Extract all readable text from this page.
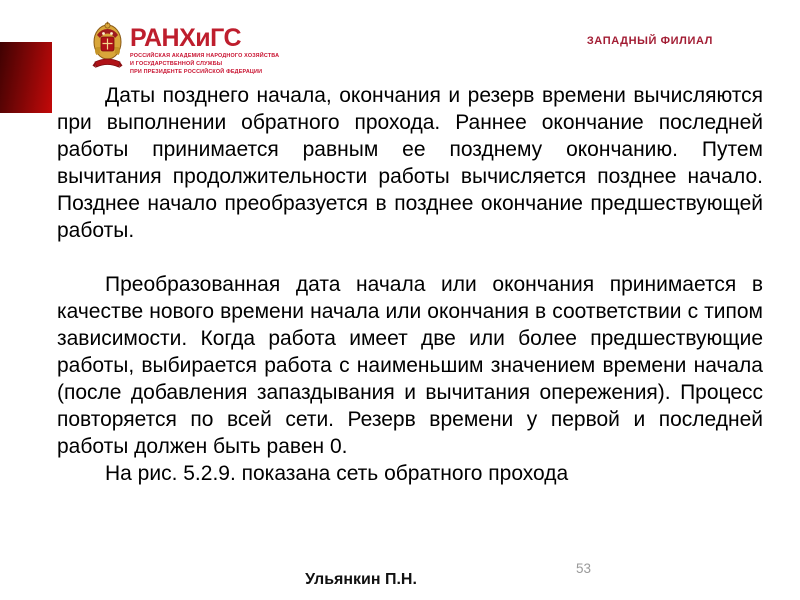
РАНХиГС
РОССИЙСКАЯ АКАДЕМИЯ НАРОДНОГО ХОЗЯЙСТВА
И ГОСУДАРСТВЕННОЙ СЛУЖБЫ
ПРИ ПРЕЗИДЕНТЕ РОССИЙСКОЙ ФЕДЕРАЦИИ
ЗАПАДНЫЙ ФИЛИАЛ

Даты позднего начала, окончания и резерв времени вычисляются при выполнении обратного прохода. Раннее окончание последней работы принимается равным ее позднему окончанию. Путем вычитания продолжительности работы вычисляется позднее начало. Позднее начало преобразуется в позднее окончание предшествующей работы.

Преобразованная дата начала или окончания принимается в качестве нового времени начала или окончания в соответствии с типом зависимости. Когда работа имеет две или более предшествующие работы, выбирается работа с наименьшим значением времени начала (после добавления запаздывания и вычитания опережения). Процесс повторяется по всей сети. Резерв времени у первой и последней работы должен быть равен 0.

На рис. 5.2.9. показана сеть обратного прохода

Ульянкин П.Н.
53
